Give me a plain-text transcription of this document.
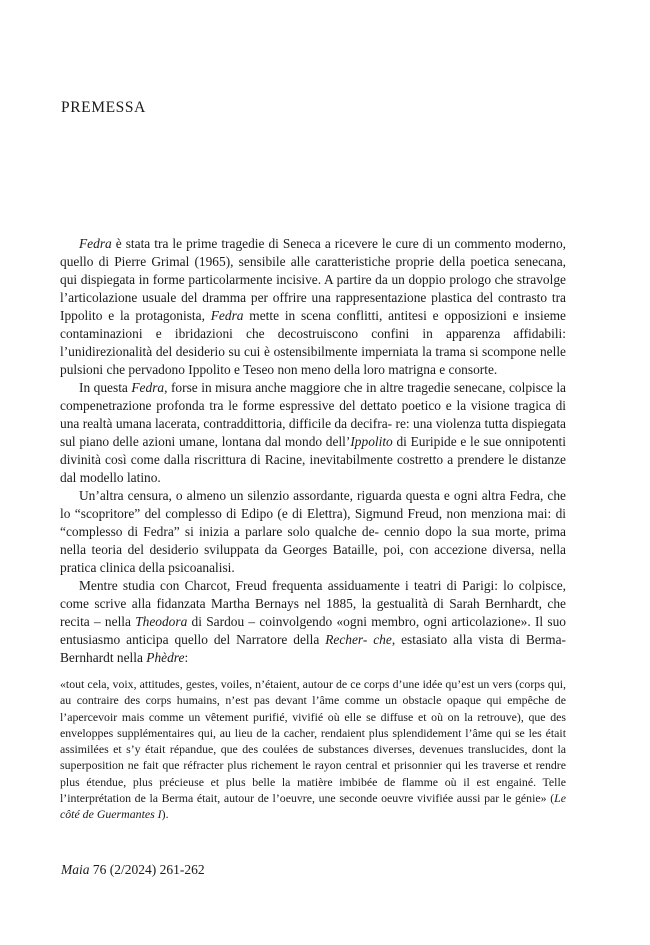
PREMESSA

Fedra è stata tra le prime tragedie di Seneca a ricevere le cure di un commento moderno, quello di Pierre Grimal (1965), sensibile alle caratteristiche proprie della poetica senecana, qui dispiegata in forme particolarmente incisive. A partire da un doppio prologo che stravolge l’articolazione usuale del dramma per offrire una rappresentazione plastica del contrasto tra Ippolito e la protagonista, Fedra mette in scena conflitti, antitesi e opposizioni e insieme contaminazioni e ibridazioni che decostruiscono confini in apparenza affidabili: l’unidirezionalità del desiderio su cui è ostensibilmente imperniata la trama si scompone nelle pulsioni che pervadono Ippolito e Teseo non meno della loro matrigna e consorte.

In questa Fedra, forse in misura anche maggiore che in altre tragedie senecane, colpisce la compenetrazione profonda tra le forme espressive del dettato poetico e la visione tragica di una realtà umana lacerata, contraddittoria, difficile da decifra- re: una violenza tutta dispiegata sul piano delle azioni umane, lontana dal mondo dell’Ippolito di Euripide e le sue onnipotenti divinità così come dalla riscrittura di Racine, inevitabilmente costretto a prendere le distanze dal modello latino.

Un’altra censura, o almeno un silenzio assordante, riguarda questa e ogni altra Fedra, che lo “scopritore” del complesso di Edipo (e di Elettra), Sigmund Freud, non menziona mai: di “complesso di Fedra” si inizia a parlare solo qualche de- cennio dopo la sua morte, prima nella teoria del desiderio sviluppata da Georges Bataille, poi, con accezione diversa, nella pratica clinica della psicoanalisi.

Mentre studia con Charcot, Freud frequenta assiduamente i teatri di Parigi: lo colpisce, come scrive alla fidanzata Martha Bernays nel 1885, la gestualità di Sarah Bernhardt, che recita – nella Theodora di Sardou – coinvolgendo «ogni membro, ogni articolazione». Il suo entusiasmo anticipa quello del Narratore della Recher- che, estasiato alla vista di Berma-Bernhardt nella Phèdre:

«tout cela, voix, attitudes, gestes, voiles, n’étaient, autour de ce corps d’une idée qu’est un vers (corps qui, au contraire des corps humains, n’est pas devant l’âme comme un obstacle opaque qui empêche de l’apercevoir mais comme un vêtement purifié, vivifié où elle se diffuse et où on la retrouve), que des enveloppes supplémentaires qui, au lieu de la cacher, rendaient plus splendidement l’âme qui se les était assimilées et s’y était répandue, que des coulées de substances diverses, devenues translucides, dont la superposition ne fait que réfracter plus richement le rayon central et prisonnier qui les traverse et rendre plus étendue, plus précieuse et plus belle la matière imbibée de flamme où il est engainé. Telle l’interprétation de la Berma était, autour de l’oeuvre, une seconde oeuvre vivifiée aussi par le génie» (Le côté de Guermantes I).
Maia 76 (2/2024) 261-262
